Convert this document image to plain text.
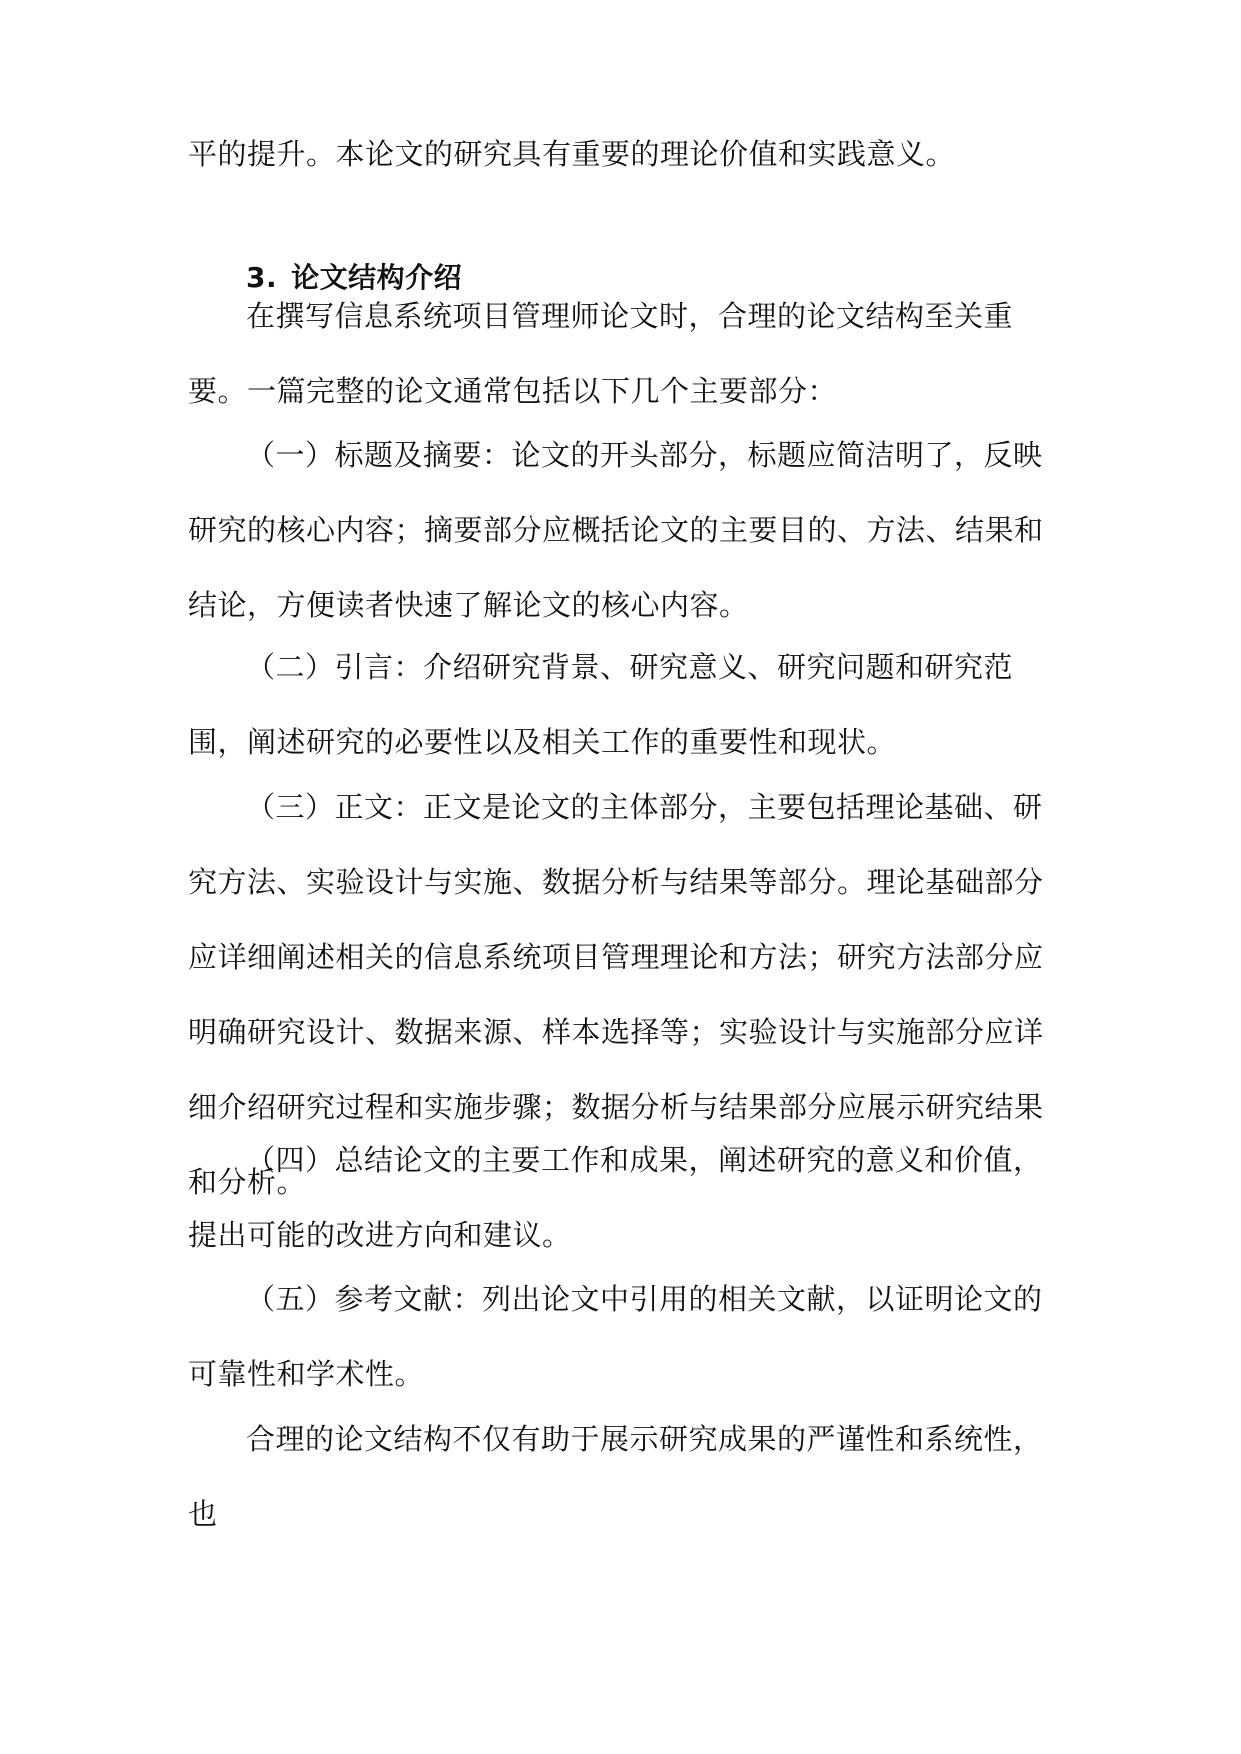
平的提升。本论文的研究具有重要的理论价值和实践意义。

3. 论文结构介绍

在撰写信息系统项目管理师论文时，合理的论文结构至关重要。一篇完整的论文通常包括以下几个主要部分：

（一）标题及摘要：论文的开头部分，标题应简洁明了，反映研究的核心内容；摘要部分应概括论文的主要目的、方法、结果和结论，方便读者快速了解论文的核心内容。

（二）引言：介绍研究背景、研究意义、研究问题和研究范围，阐述研究的必要性以及相关工作的重要性和现状。

（三）正文：正文是论文的主体部分，主要包括理论基础、研究方法、实验设计与实施、数据分析与结果等部分。理论基础部分应详细阐述相关的信息系统项目管理理论和方法；研究方法部分应明确研究设计、数据来源、样本选择等；实验设计与实施部分应详细介绍研究过程和实施步骤；数据分析与结果部分应展示研究结果和分析。

（四）总结论文的主要工作和成果，阐述研究的意义和价值，提出可能的改进方向和建议。

（五）参考文献：列出论文中引用的相关文献，以证明论文的可靠性和学术性。

合理的论文结构不仅有助于展示研究成果的严谨性和系统性，也
